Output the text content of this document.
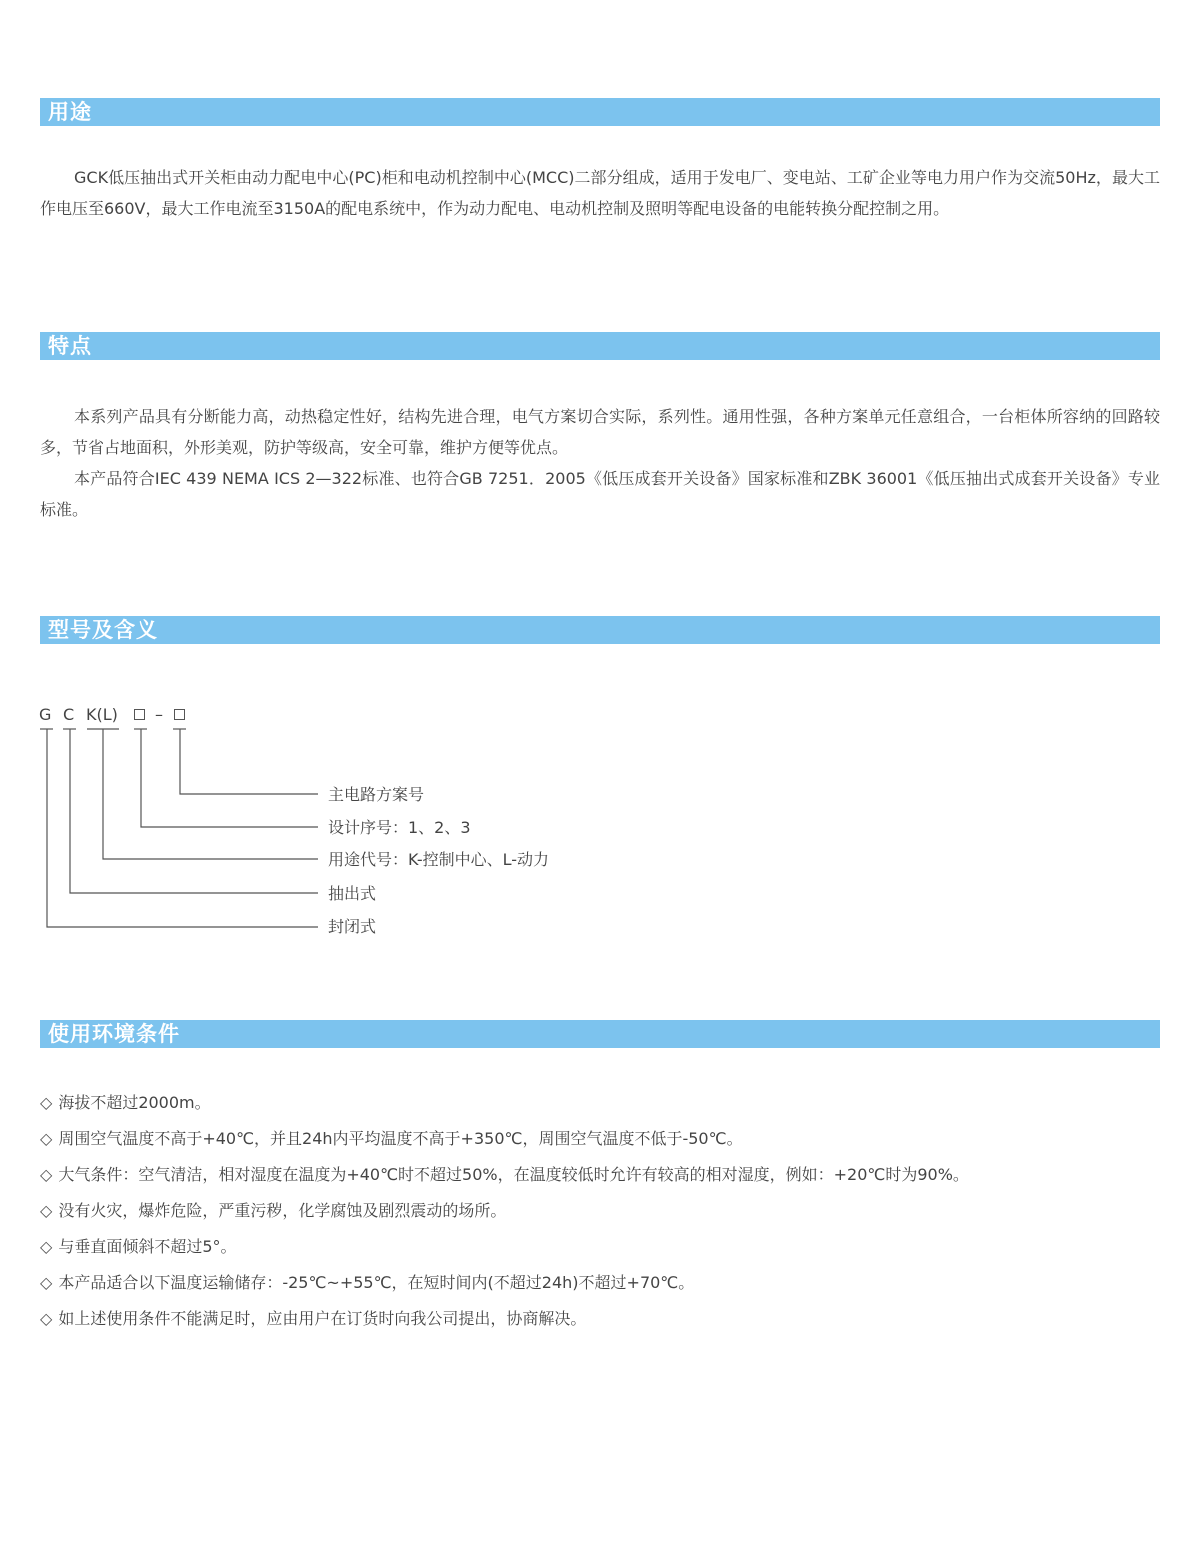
用途

GCK低压抽出式开关柜由动力配电中心(PC)柜和电动机控制中心(MCC)二部分组成，适用于发电厂、变电站、工矿企业等电力用户作为交流50Hz，最大工作电压至660V，最大工作电流至3150A的配电系统中，作为动力配电、电动机控制及照明等配电设备的电能转换分配控制之用。

特点

本系列产品具有分断能力高，动热稳定性好，结构先进合理，电气方案切合实际，系列性。通用性强，各种方案单元任意组合，一台柜体所容纳的回路较多，节省占地面积，外形美观，防护等级高，安全可靠，维护方便等优点。

本产品符合IEC 439 NEMA ICS 2—322标准、也符合GB 7251．2005《低压成套开关设备》国家标准和ZBK 36001《低压抽出式成套开关设备》专业标准。

型号及含义
G C K(L) –
主电路方案号
设计序号：1、2、3
用途代号：K-控制中心、L-动力
抽出式
封闭式
使用环境条件
◇ 海拔不超过2000m。
◇ 周围空气温度不高于+40℃，并且24h内平均温度不高于+350℃，周围空气温度不低于-50℃。
◇ 大气条件：空气清洁，相对湿度在温度为+40℃时不超过50%，在温度较低时允许有较高的相对湿度，例如：+20℃时为90%。
◇ 没有火灾，爆炸危险，严重污秽，化学腐蚀及剧烈震动的场所。
◇ 与垂直面倾斜不超过5°。
◇ 本产品适合以下温度运输储存：-25℃~+55℃，在短时间内(不超过24h)不超过+70℃。
◇ 如上述使用条件不能满足时，应由用户在订货时向我公司提出，协商解决。
